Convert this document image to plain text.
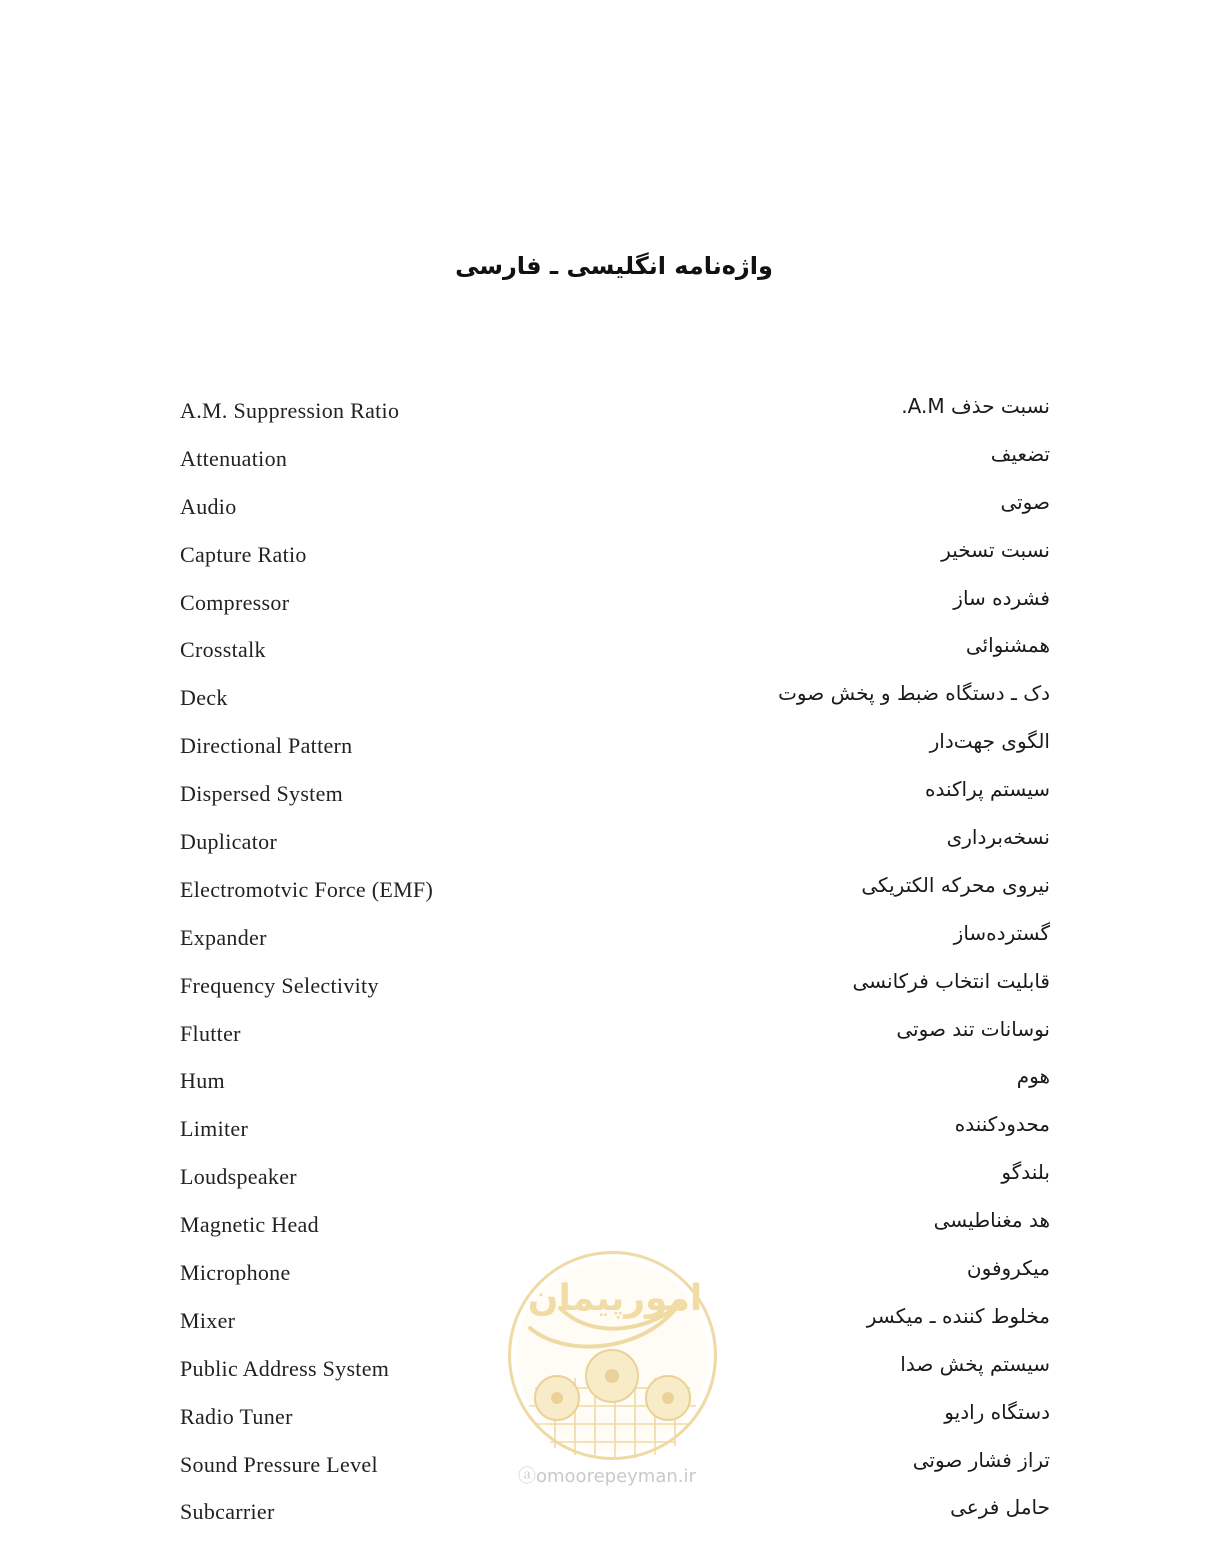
واژه‌نامه انگلیسی ـ فارسی
A.M. Suppression Ratio	نسبت حذف A.M.
Attenuation	تضعیف
Audio	صوتی
Capture Ratio	نسبت تسخیر
Compressor	فشرده ساز
Crosstalk	همشنوائی
Deck	دک ـ دستگاه ضبط و پخش صوت
Directional Pattern	الگوی جهت‌دار
Dispersed System	سیستم پراکنده
Duplicator	نسخه‌برداری
Electromotvic Force (EMF)	نیروی محرکه الکتریکی
Expander	گسترده‌ساز
Frequency Selectivity	قابلیت انتخاب فرکانسی
Flutter	نوسانات تند صوتی
Hum	هوم
Limiter	محدودکننده
Loudspeaker	بلندگو
Magnetic Head	هد مغناطیسی
Microphone	میکروفون
Mixer	مخلوط کننده ـ میکسر
Public Address System	سیستم پخش صدا
Radio Tuner	دستگاه رادیو
Sound Pressure Level	تراز فشار صوتی
Subcarrier	حامل فرعی
امورپیمان
ⓐomoorepeyman.ir
